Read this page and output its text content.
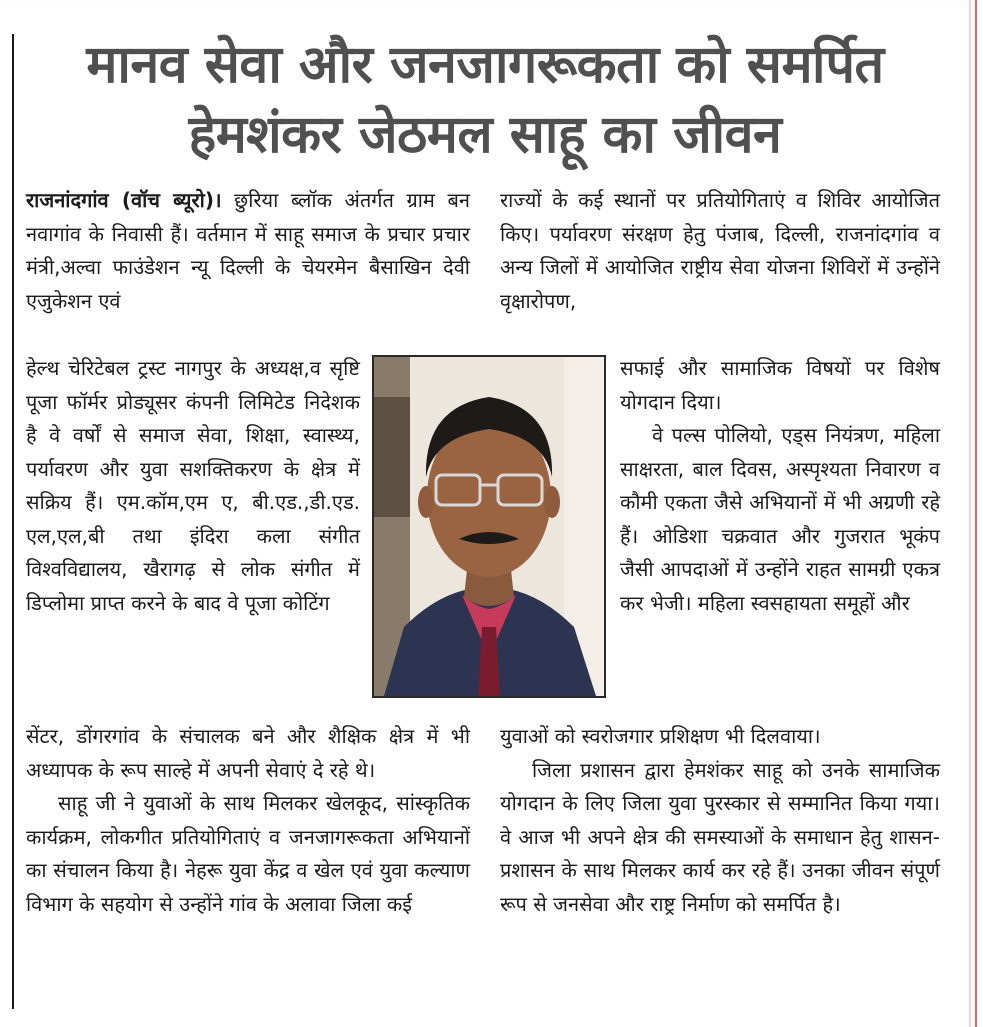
मानव सेवा और जनजागरूकता को समर्पित
हेमशंकर जेठमल साहू का जीवन

राजनांदगांव (वॉच ब्यूरो)। छुरिया ब्लॉक अंतर्गत ग्राम बन नवागांव के निवासी हैं। वर्तमान में साहू समाज के प्रचार प्रचार मंत्री,अल्वा फाउंडेशन न्यू दिल्ली के चेयरमेन बैसाखिन देवी एजुकेशन एवं

हेल्थ चेरिटेबल ट्रस्ट नागपुर के अध्यक्ष,व सृष्टि पूजा फॉर्मर प्रोड्यूसर कंपनी लिमिटेड निदेशक है वे वर्षों से समाज सेवा, शिक्षा, स्वास्थ्य, पर्यावरण और युवा सशक्तिकरण के क्षेत्र में सक्रिय हैं। एम.कॉम,एम ए, बी.एड.,डी.एड. एल,एल,बी तथा इंदिरा कला संगीत विश्वविद्यालय, खैरागढ़ से लोक संगीत में डिप्लोमा प्राप्त करने के बाद वे पूजा कोटिंग

सेंटर, डोंगरगांव के संचालक बने और शैक्षिक क्षेत्र में भी अध्यापक के रूप साल्हे में अपनी सेवाएं दे रहे थे।

साहू जी ने युवाओं के साथ मिलकर खेलकूद, सांस्कृतिक कार्यक्रम, लोकगीत प्रतियोगिताएं व जनजागरूकता अभियानों का संचालन किया है। नेहरू युवा केंद्र व खेल एवं युवा कल्याण विभाग के सहयोग से उन्होंने गांव के अलावा जिला कई

राज्यों के कई स्थानों पर प्रतियोगिताएं व शिविर आयोजित किए। पर्यावरण संरक्षण हेतु पंजाब, दिल्ली, राजनांदगांव व अन्य जिलों में आयोजित राष्ट्रीय सेवा योजना शिविरों में उन्होंने वृक्षारोपण,

सफाई और सामाजिक विषयों पर विशेष योगदान दिया।

वे पल्स पोलियो, एड्स नियंत्रण, महिला साक्षरता, बाल दिवस, अस्पृश्यता निवारण व कौमी एकता जैसे अभियानों में भी अग्रणी रहे हैं। ओडिशा चक्रवात और गुजरात भूकंप जैसी आपदाओं में उन्होंने राहत सामग्री एकत्र कर भेजी। महिला स्वसहायता समूहों और

युवाओं को स्वरोजगार प्रशिक्षण भी दिलवाया।

जिला प्रशासन द्वारा हेमशंकर साहू को उनके सामाजिक योगदान के लिए जिला युवा पुरस्कार से सम्मानित किया गया। वे आज भी अपने क्षेत्र की समस्याओं के समाधान हेतु शासन-प्रशासन के साथ मिलकर कार्य कर रहे हैं। उनका जीवन संपूर्ण रूप से जनसेवा और राष्ट्र निर्माण को समर्पित है।
